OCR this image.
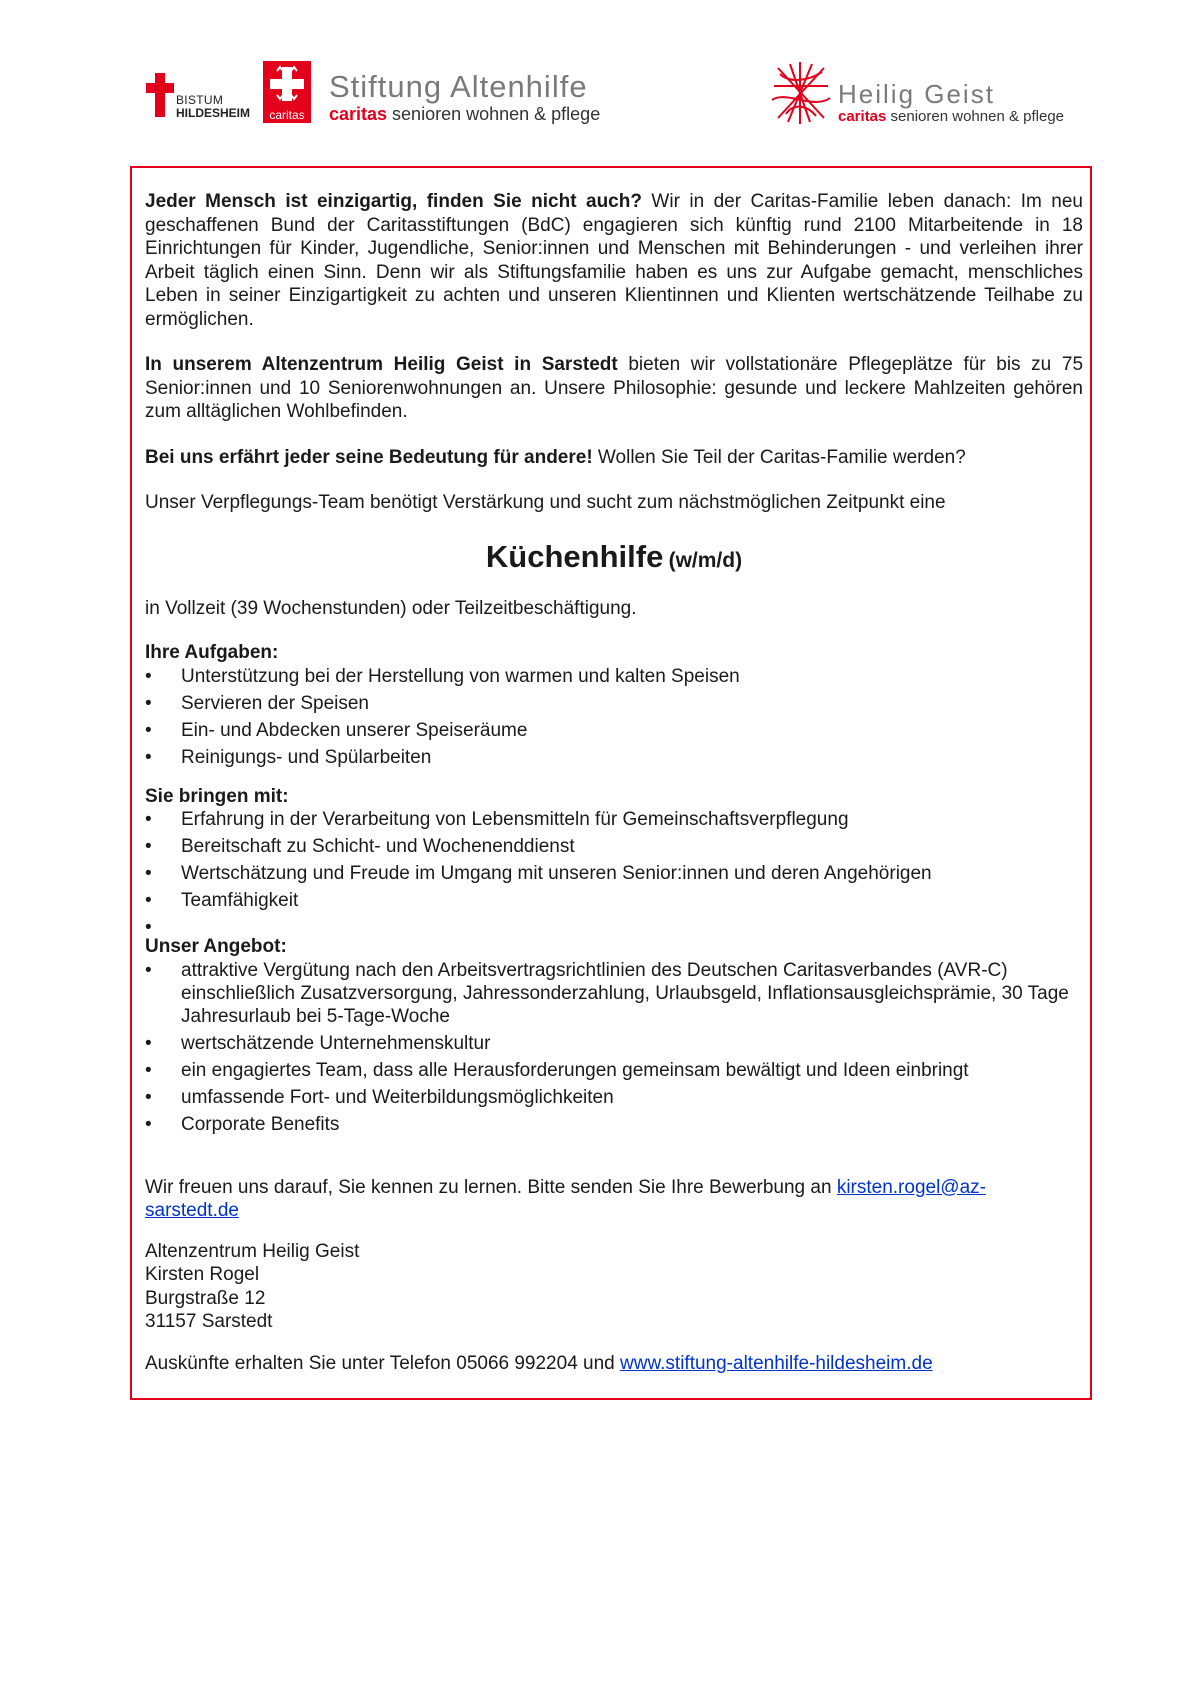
BISTUM
HILDESHEIM	caritas
Stiftung Altenhilfe
caritas senioren wohnen & pflege
Heilig Geist
caritas senioren wohnen & pflege

Jeder Mensch ist einzigartig, finden Sie nicht auch? Wir in der Caritas-Familie leben danach: Im neu geschaffenen Bund der Caritasstiftungen (BdC) engagieren sich künftig rund 2100 Mitarbeitende in 18 Einrichtungen für Kinder, Jugendliche, Senior:innen und Menschen mit Behinderungen - und verleihen ihrer Arbeit täglich einen Sinn. Denn wir als Stiftungsfamilie haben es uns zur Aufgabe gemacht, menschliches Leben in seiner Einzigartigkeit zu achten und unseren Klientinnen und Klienten wertschätzende Teilhabe zu ermöglichen.

In unserem Altenzentrum Heilig Geist in Sarstedt bieten wir vollstationäre Pflegeplätze für bis zu 75 Senior:innen und 10 Seniorenwohnungen an. Unsere Philosophie: gesunde und leckere Mahlzeiten gehören zum alltäglichen Wohlbefinden.

Bei uns erfährt jeder seine Bedeutung für andere! Wollen Sie Teil der Caritas-Familie werden?

Unser Verpflegungs-Team benötigt Verstärkung und sucht zum nächstmöglichen Zeitpunkt eine

Küchenhilfe (w/m/d)

in Vollzeit (39 Wochenstunden) oder Teilzeitbeschäftigung.

Ihre Aufgaben:
• Unterstützung bei der Herstellung von warmen und kalten Speisen
• Servieren der Speisen
• Ein- und Abdecken unserer Speiseräume
• Reinigungs- und Spülarbeiten
Sie bringen mit:
• Erfahrung in der Verarbeitung von Lebensmitteln für Gemeinschaftsverpflegung
• Bereitschaft zu Schicht- und Wochenenddienst
• Wertschätzung und Freude im Umgang mit unseren Senior:innen und deren Angehörigen
• Teamfähigkeit
•
Unser Angebot:
• attraktive Vergütung nach den Arbeitsvertragsrichtlinien des Deutschen Caritasverbandes (AVR-C) einschließlich Zusatzversorgung, Jahressonderzahlung, Urlaubsgeld, Inflationsausgleichsprämie, 30 Tage Jahresurlaub bei 5-Tage-Woche
• wertschätzende Unternehmenskultur
• ein engagiertes Team, dass alle Herausforderungen gemeinsam bewältigt und Ideen einbringt
• umfassende Fort- und Weiterbildungsmöglichkeiten
• Corporate Benefits

Wir freuen uns darauf, Sie kennen zu lernen. Bitte senden Sie Ihre Bewerbung an kirsten.rogel@az-
sarstedt.de

Altenzentrum Heilig Geist
Kirsten Rogel
Burgstraße 12
31157 Sarstedt

Auskünfte erhalten Sie unter Telefon 05066 992204 und www.stiftung-altenhilfe-hildesheim.de
